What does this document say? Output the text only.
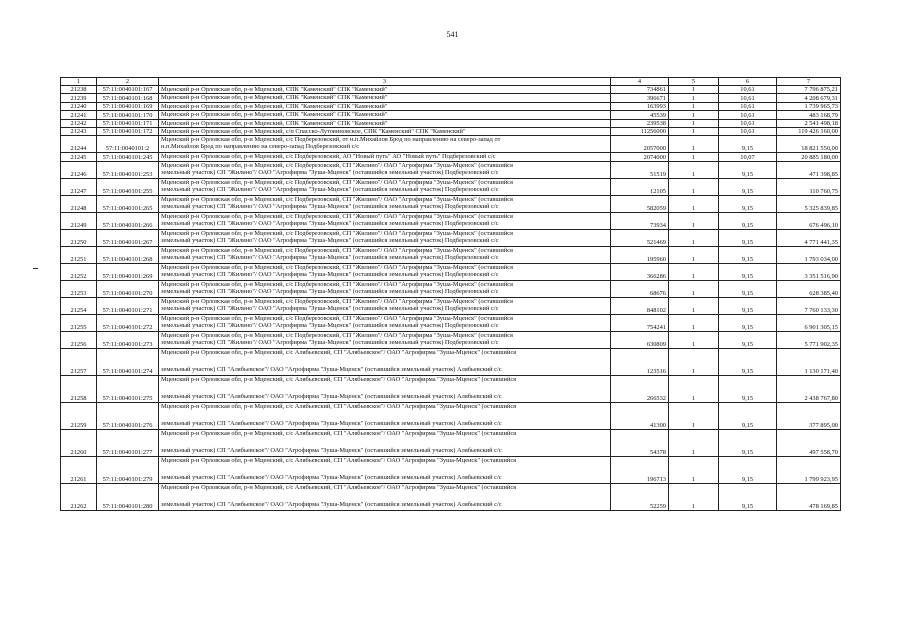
541
1	2	3	4	5	6	7
21238	57:11:0040101:167	Мценский р-н Орловская обл, р-н Мценский, СПК "Каменский" СПК "Каменский"	734861	1	10,61	7 796 875,21
21239	57:11:0040101:168	Мценский р-н Орловская обл, р-н Мценский, СПК "Каменский" СПК "Каменский"	396671	1	10,61	4 208 679,31
21240	57:11:0040101:169	Мценский р-н Орловская обл, р-н Мценский, СПК "Каменский" СПК "Каменский"	163993	1	10,61	1 739 965,73
21241	57:11:0040101:170	Мценский р-н Орловская обл, р-н Мценский, СПК "Каменский" СПК "Каменский"	45539	1	10,61	483 168,79
21242	57:11:0040101:171	Мценский р-н Орловская обл, р-н Мценский, СПК "Каменский" СПК "Каменский"	239538	1	10,61	2 541 498,18
21243	57:11:0040101:172	Мценский р-н Орловская обл, р-н Мценский, с/п Спасско-Лутовиновское, СПК "Каменский" СПК "Каменский"	11256000	1	10,61	119 426 160,00
21244	57:11:0040101:2	Мценский р-н Орловская обл, р-н Мценский, с/с Подберезовский, от н.п.Михайлов Брод по направлению на северо-запад от
н.п.Михайлов Брод по направлению на северо-запад Подберезовский с/с	2057000	1	9,15	18 821 550,00
21245	57:11:0040101:245	Мценский р-н Орловская обл, р-н Мценский, с/с Подберезовский, АО "Новый путь" АО "Новый путь" Подберезовский с/с	2074000	1	10,07	20 885 180,00
21246	57:11:0040101:253	Мценский р-н Орловская обл, р-н Мценский, с/с Подберезовский, СП "Жилино"/ ОАО "Агрофирма "Зуша-Мценск" (оставшийся
земельный участок) СП "Жилино"/ ОАО "Агрофирма "Зуша-Мценск" (оставшийся земельный участок) Подберезовский с/с	51519	1	9,15	471 398,85
21247	57:11:0040101:255	Мценский р-н Орловская обл, р-н Мценский, с/с Подберезовский, СП "Жилино"/ ОАО "Агрофирма "Зуша-Мценск" (оставшийся
земельный участок) СП "Жилино"/ ОАО "Агрофирма "Зуша-Мценск" (оставшийся земельный участок) Подберезовский с/с	12105	1	9,15	110 760,75
21248	57:11:0040101:265	Мценский р-н Орловская обл, р-н Мценский, с/с Подберезовский, СП "Жилино"/ ОАО "Агрофирма "Зуша-Мценск" (оставшийся
земельный участок) СП "Жилино"/ ОАО "Агрофирма "Зуша-Мценск" (оставшийся земельный участок) Подберезовский с/с	582059	1	9,15	5 325 839,85
21249	57:11:0040101:266	Мценский р-н Орловская обл, р-н Мценский, с/с Подберезовский, СП "Жилино"/ ОАО "Агрофирма "Зуша-Мценск" (оставшийся
земельный участок) СП "Жилино"/ ОАО "Агрофирма "Зуша-Мценск" (оставшийся земельный участок) Подберезовский с/с	73934	1	9,15	676 496,10
21250	57:11:0040101:267	Мценский р-н Орловская обл, р-н Мценский, с/с Подберезовский, СП "Жилино"/ ОАО "Агрофирма "Зуша-Мценск" (оставшийся
земельный участок) СП "Жилино"/ ОАО "Агрофирма "Зуша-Мценск" (оставшийся земельный участок) Подберезовский с/с	521469	1	9,15	4 771 441,35
21251	57:11:0040101:268	Мценский р-н Орловская обл, р-н Мценский, с/с Подберезовский, СП "Жилино"/ ОАО "Агрофирма "Зуша-Мценск" (оставшийся
земельный участок) СП "Жилино"/ ОАО "Агрофирма "Зуша-Мценск" (оставшийся земельный участок) Подберезовский с/с	195960	1	9,15	1 793 034,00
21252	57:11:0040101:269	Мценский р-н Орловская обл, р-н Мценский, с/с Подберезовский, СП "Жилино"/ ОАО "Агрофирма "Зуша-Мценск" (оставшийся
земельный участок) СП "Жилино"/ ОАО "Агрофирма "Зуша-Мценск" (оставшийся земельный участок) Подберезовский с/с	366286	1	9,15	3 351 516,90
21253	57:11:0040101:270	Мценский р-н Орловская обл, р-н Мценский, с/с Подберезовский, СП "Жилино"/ ОАО "Агрофирма "Зуша-Мценск" (оставшийся
земельный участок) СП "Жилино"/ ОАО "Агрофирма "Зуша-Мценск" (оставшийся земельный участок) Подберезовский с/с	68676	1	9,15	628 385,40
21254	57:11:0040101:271	Мценский р-н Орловская обл, р-н Мценский, с/с Подберезовский, СП "Жилино"/ ОАО "Агрофирма "Зуша-Мценск" (оставшийся
земельный участок) СП "Жилино"/ ОАО "Агрофирма "Зуша-Мценск" (оставшийся земельный участок) Подберезовский с/с	848102	1	9,15	7 760 133,30
21255	57:11:0040101:272	Мценский р-н Орловская обл, р-н Мценский, с/с Подберезовский, СП "Жилино"/ ОАО "Агрофирма "Зуша-Мценск" (оставшийся
земельный участок) СП "Жилино"/ ОАО "Агрофирма "Зуша-Мценск" (оставшийся земельный участок) Подберезовский с/с	754241	1	9,15	6 901 305,15
21256	57:11:0040101:273	Мценский р-н Орловская обл, р-н Мценский, с/с Подберезовский, СП "Жилино"/ ОАО "Агрофирма "Зуша-Мценск" (оставшийся
земельный участок) СП "Жилино"/ ОАО "Агрофирма "Зуша-Мценск" (оставшийся земельный участок) Подберезовский с/с	630809	1	9,15	5 771 902,35
21257	57:11:0040101:274	Мценский р-н Орловская обл, р-н Мценский, с/с Алябьевский, СП "Алябьевское"/ ОАО "Агрофирма "Зуша-Мценск" (оставшийся
земельный участок) СП "Алябьевское"/ ОАО "Агрофирма "Зуша-Мценск" (оставшийся земельный участок) Алябьевский с/с	123516	1	9,15	1 130 171,40
21258	57:11:0040101:275	Мценский р-н Орловская обл, р-н Мценский, с/с Алябьевский, СП "Алябьевское"/ ОАО "Агрофирма "Зуша-Мценск" (оставшийся
земельный участок) СП "Алябьевское"/ ОАО "Агрофирма "Зуша-Мценск" (оставшийся земельный участок) Алябьевский с/с	266532	1	9,15	2 438 767,80
21259	57:11:0040101:276	Мценский р-н Орловская обл, р-н Мценский, с/с Алябьевский, СП "Алябьевское"/ ОАО "Агрофирма "Зуша-Мценск" (оставшийся
земельный участок) СП "Алябьевское"/ ОАО "Агрофирма "Зуша-Мценск" (оставшийся земельный участок) Алябьевский с/с	41300	1	9,15	377 895,00
21260	57:11:0040101:277	Мценский р-н Орловская обл, р-н Мценский, с/с Алябьевский, СП "Алябьевское"/ ОАО "Агрофирма "Зуша-Мценск" (оставшийся
земельный участок) СП "Алябьевское"/ ОАО "Агрофирма "Зуша-Мценск" (оставшийся земельный участок) Алябьевский с/с	54378	1	9,15	497 558,70
21261	57:11:0040101:279	Мценский р-н Орловская обл, р-н Мценский, с/с Алябьевский, СП "Алябьевское"/ ОАО "Агрофирма "Зуша-Мценск" (оставшийся
земельный участок) СП "Алябьевское"/ ОАО "Агрофирма "Зуша-Мценск" (оставшийся земельный участок) Алябьевский с/с	196713	1	9,15	1 799 923,95
21262	57:11:0040101:280	Мценский р-н Орловская обл, р-н Мценский, с/с Алябьевский, СП "Алябьевское"/ ОАО "Агрофирма "Зуша-Мценск" (оставшийся
земельный участок) СП "Алябьевское"/ ОАО "Агрофирма "Зуша-Мценск" (оставшийся земельный участок) Алябьевский с/с	52259	1	9,15	478 169,85
